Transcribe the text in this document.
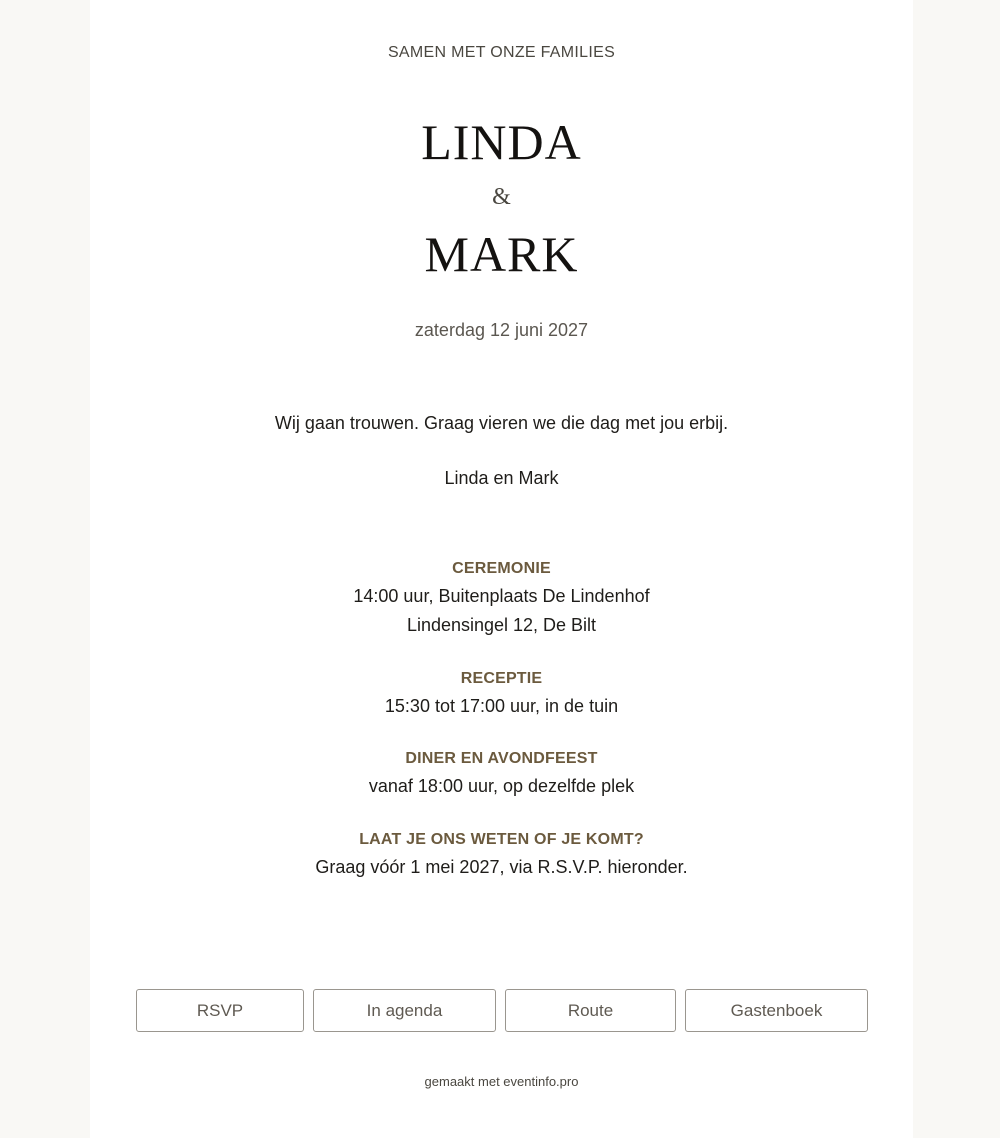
SAMEN MET ONZE FAMILIES
LINDA
&
MARK
zaterdag 12 juni 2027
Wij gaan trouwen. Graag vieren we die dag met jou erbij.
Linda en Mark
CEREMONIE
14:00 uur, Buitenplaats De Lindenhof
Lindensingel 12, De Bilt
RECEPTIE
15:30 tot 17:00 uur, in de tuin
DINER EN AVONDFEEST
vanaf 18:00 uur, op dezelfde plek
LAAT JE ONS WETEN OF JE KOMT?
Graag vóór 1 mei 2027, via R.S.V.P. hieronder.
RSVP	In agenda	Route	Gastenboek
gemaakt met eventinfo.pro
